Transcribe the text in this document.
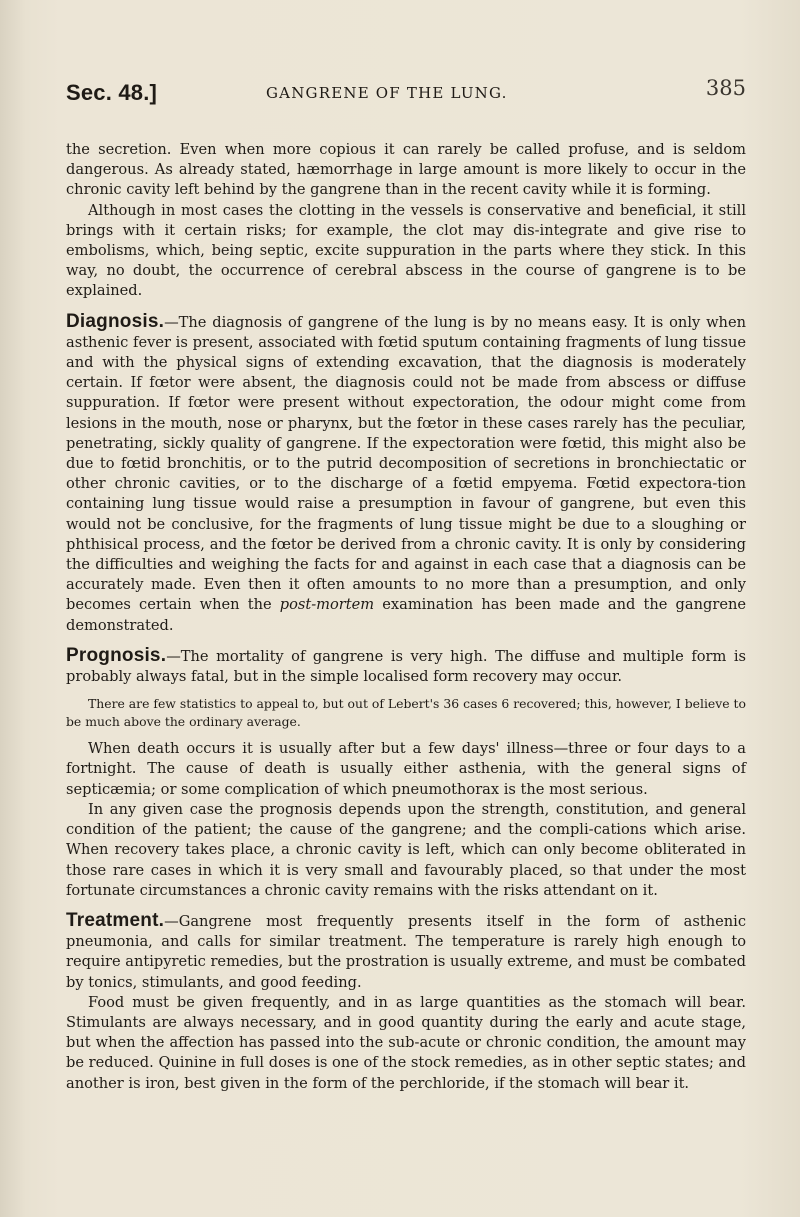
Sec. 48.]	GANGRENE OF THE LUNG.	385

the secretion. Even when more copious it can rarely be called profuse, and is seldom dangerous. As already stated, hæmorrhage in large amount is more likely to occur in the chronic cavity left behind by the gangrene than in the recent cavity while it is forming.

Although in most cases the clotting in the vessels is conservative and beneficial, it still brings with it certain risks; for example, the clot may dis-integrate and give rise to embolisms, which, being septic, excite suppuration in the parts where they stick. In this way, no doubt, the occurrence of cerebral abscess in the course of gangrene is to be explained.

Diagnosis.—The diagnosis of gangrene of the lung is by no means easy. It is only when asthenic fever is present, associated with fœtid sputum containing fragments of lung tissue and with the physical signs of extending excavation, that the diagnosis is moderately certain. If fœtor were absent, the diagnosis could not be made from abscess or diffuse suppuration. If fœtor were present without expectoration, the odour might come from lesions in the mouth, nose or pharynx, but the fœtor in these cases rarely has the peculiar, penetrating, sickly quality of gangrene. If the expectoration were fœtid, this might also be due to fœtid bronchitis, or to the putrid decomposition of secretions in bronchiectatic or other chronic cavities, or to the discharge of a fœtid empyema. Fœtid expectora-tion containing lung tissue would raise a presumption in favour of gangrene, but even this would not be conclusive, for the fragments of lung tissue might be due to a sloughing or phthisical process, and the fœtor be derived from a chronic cavity. It is only by considering the difficulties and weighing the facts for and against in each case that a diagnosis can be accurately made. Even then it often amounts to no more than a presumption, and only becomes certain when the post-mortem examination has been made and the gangrene demonstrated.

Prognosis.—The mortality of gangrene is very high. The diffuse and multiple form is probably always fatal, but in the simple localised form recovery may occur.

There are few statistics to appeal to, but out of Lebert's 36 cases 6 recovered; this, however, I believe to be much above the ordinary average.

When death occurs it is usually after but a few days' illness—three or four days to a fortnight. The cause of death is usually either asthenia, with the general signs of septicæmia; or some complication of which pneumothorax is the most serious.

In any given case the prognosis depends upon the strength, constitution, and general condition of the patient; the cause of the gangrene; and the compli-cations which arise. When recovery takes place, a chronic cavity is left, which can only become obliterated in those rare cases in which it is very small and favourably placed, so that under the most fortunate circumstances a chronic cavity remains with the risks attendant on it.

Treatment.—Gangrene most frequently presents itself in the form of asthenic pneumonia, and calls for similar treatment. The temperature is rarely high enough to require antipyretic remedies, but the prostration is usually extreme, and must be combated by tonics, stimulants, and good feeding.

Food must be given frequently, and in as large quantities as the stomach will bear. Stimulants are always necessary, and in good quantity during the early and acute stage, but when the affection has passed into the sub-acute or chronic condition, the amount may be reduced. Quinine in full doses is one of the stock remedies, as in other septic states; and another is iron, best given in the form of the perchloride, if the stomach will bear it.
